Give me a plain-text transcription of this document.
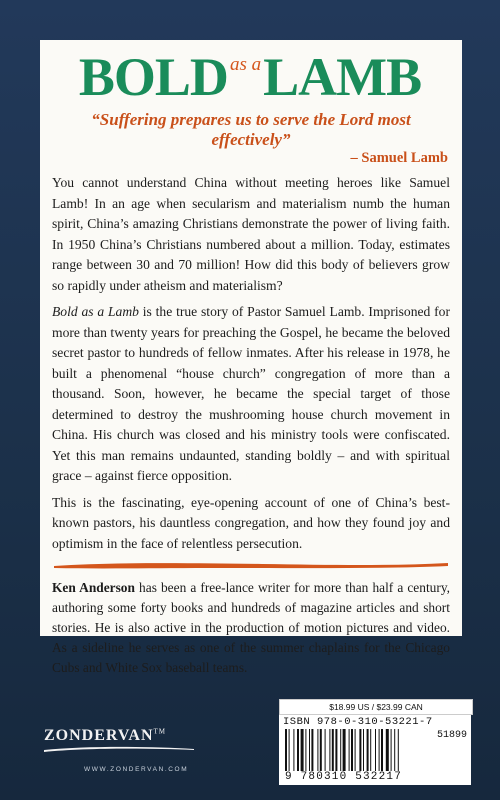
BOLD as a LAMB
“Suffering prepares us to serve the Lord most effectively”
– Samuel Lamb

You cannot understand China without meeting heroes like Samuel Lamb! In an age when secularism and materialism numb the human spirit, China’s amazing Christians demonstrate the power of living faith. In 1950 China’s Christians numbered about a million. Today, estimates range between 30 and 70 million! How did this body of believers grow so rapidly under atheism and materialism?

Bold as a Lamb is the true story of Pastor Samuel Lamb. Imprisoned for more than twenty years for preaching the Gospel, he became the beloved secret pastor to hundreds of fellow inmates. After his release in 1978, he built a phenomenal “house church” congregation of more than a thousand. Soon, however, he became the special target of those determined to destroy the mushrooming house church movement in China. His church was closed and his ministry tools were confiscated. Yet this man remains undaunted, standing boldly – and with spiritual grace – against fierce opposition.

This is the fascinating, eye-opening account of one of China’s best-known pastors, his dauntless congregation, and how they found joy and optimism in the face of relentless persecution.

Ken Anderson has been a free-lance writer for more than half a century, authoring some forty books and hundreds of magazine articles and short stories. He is also active in the production of motion pictures and video. As a sideline he serves as one of the summer chaplains for the Chicago Cubs and White Sox baseball teams.

ZONDERVAN™
WWW.ZONDERVAN.COM
$18.99 US / $23.99 CAN
ISBN 978-0-310-53221-7
51899
9 780310 532217
